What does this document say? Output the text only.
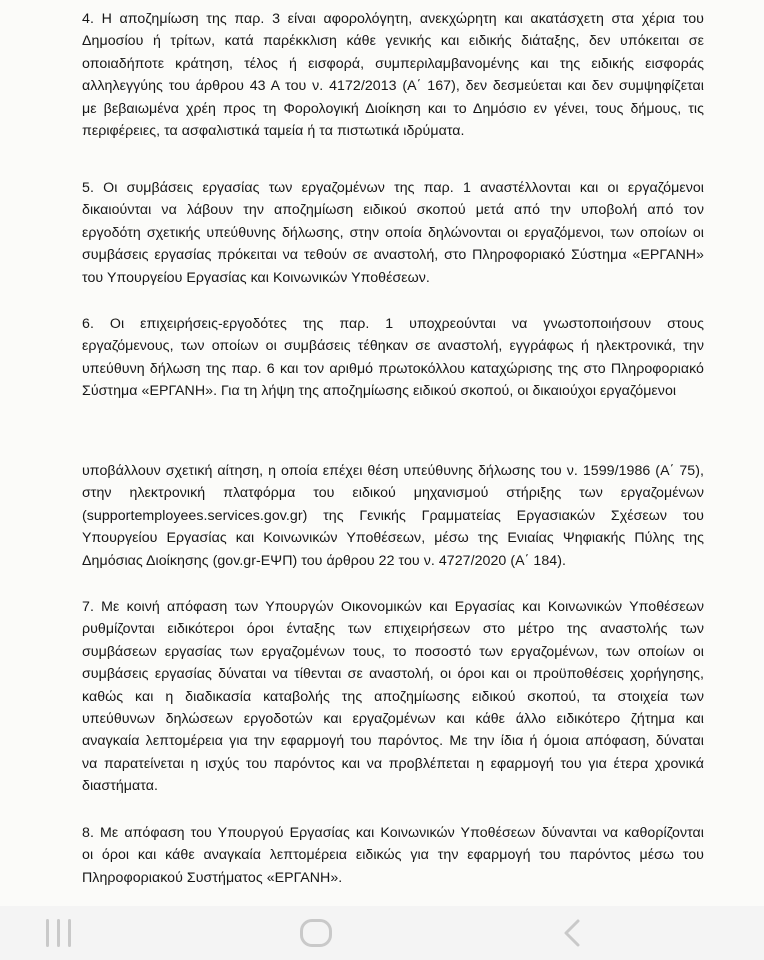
4. Η αποζημίωση της παρ. 3 είναι αφορολόγητη, ανεκχώρητη και ακατάσχετη στα χέρια του
Δημοσίου ή τρίτων, κατά παρέκκλιση κάθε γενικής και ειδικής διάταξης, δεν υπόκειται σε
οποιαδήποτε κράτηση, τέλος ή εισφορά, συμπεριλαμβανομένης και της ειδικής εισφοράς
αλληλεγγύης του άρθρου 43 Α του ν. 4172/2013 (Α΄ 167), δεν δεσμεύεται και δεν συμψηφίζεται
με βεβαιωμένα χρέη προς τη Φορολογική Διοίκηση και το Δημόσιο εν γένει, τους δήμους, τις
περιφέρειες, τα ασφαλιστικά ταμεία ή τα πιστωτικά ιδρύματα.

5. Οι συμβάσεις εργασίας των εργαζομένων της παρ. 1 αναστέλλονται και οι εργαζόμενοι
δικαιούνται να λάβουν την αποζημίωση ειδικού σκοπού μετά από την υποβολή από τον
εργοδότη σχετικής υπεύθυνης δήλωσης, στην οποία δηλώνονται οι εργαζόμενοι, των οποίων οι
συμβάσεις εργασίας πρόκειται να τεθούν σε αναστολή, στο Πληροφοριακό Σύστημα «ΕΡΓΑΝΗ»
του Υπουργείου Εργασίας και Κοινωνικών Υποθέσεων.

6. Οι επιχειρήσεις-εργοδότες της παρ. 1 υποχρεούνται να γνωστοποιήσουν στους
εργαζόμενους, των οποίων οι συμβάσεις τέθηκαν σε αναστολή, εγγράφως ή ηλεκτρονικά, την
υπεύθυνη δήλωση της παρ. 6 και τον αριθμό πρωτοκόλλου καταχώρισης της στο Πληροφοριακό
Σύστημα «ΕΡΓΑΝΗ». Για τη λήψη της αποζημίωσης ειδικού σκοπού, οι δικαιούχοι εργαζόμενοι

υποβάλλουν σχετική αίτηση, η οποία επέχει θέση υπεύθυνης δήλωσης του ν. 1599/1986 (Α΄ 75),
στην ηλεκτρονική πλατφόρμα του ειδικού μηχανισμού στήριξης των εργαζομένων
(supportemployees.services.gov.gr) της Γενικής Γραμματείας Εργασιακών Σχέσεων του
Υπουργείου Εργασίας και Κοινωνικών Υποθέσεων, μέσω της Ενιαίας Ψηφιακής Πύλης της
Δημόσιας Διοίκησης (gov.gr-ΕΨΠ) του άρθρου 22 του ν. 4727/2020 (Α΄ 184).

7. Με κοινή απόφαση των Υπουργών Οικονομικών και Εργασίας και Κοινωνικών Υποθέσεων
ρυθμίζονται ειδικότεροι όροι ένταξης των επιχειρήσεων στο μέτρο της αναστολής των
συμβάσεων εργασίας των εργαζομένων τους, το ποσοστό των εργαζομένων, των οποίων οι
συμβάσεις εργασίας δύναται να τίθενται σε αναστολή, οι όροι και οι προϋποθέσεις χορήγησης,
καθώς και η διαδικασία καταβολής της αποζημίωσης ειδικού σκοπού, τα στοιχεία των
υπεύθυνων δηλώσεων εργοδοτών και εργαζομένων και κάθε άλλο ειδικότερο ζήτημα και
αναγκαία λεπτομέρεια για την εφαρμογή του παρόντος. Με την ίδια ή όμοια απόφαση, δύναται
να παρατείνεται η ισχύς του παρόντος και να προβλέπεται η εφαρμογή του για έτερα χρονικά
διαστήματα.

8. Με απόφαση του Υπουργού Εργασίας και Κοινωνικών Υποθέσεων δύνανται να καθορίζονται
οι όροι και κάθε αναγκαία λεπτομέρεια ειδικώς για την εφαρμογή του παρόντος μέσω του
Πληροφοριακού Συστήματος «ΕΡΓΑΝΗ».
